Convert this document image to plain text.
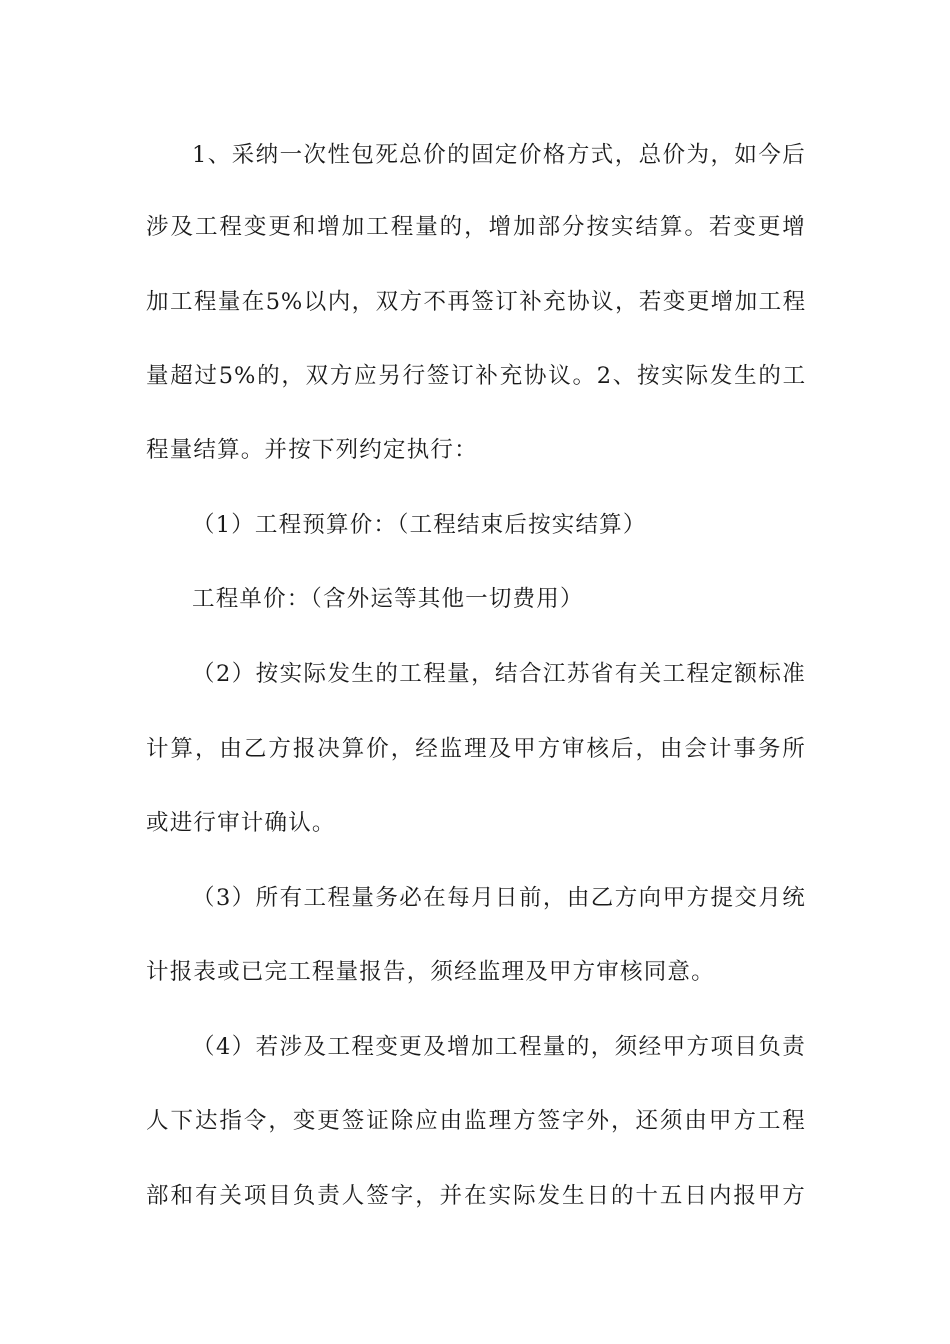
1、采纳一次性包死总价的固定价格方式，总价为，如今后
涉及工程变更和增加工程量的，增加部分按实结算。若变更增
加工程量在5%以内，双方不再签订补充协议，若变更增加工程
量超过5%的，双方应另行签订补充协议。2、按实际发生的工
程量结算。并按下列约定执行：
（1）工程预算价：（工程结束后按实结算）
工程单价：（含外运等其他一切费用）
（2）按实际发生的工程量，结合江苏省有关工程定额标准
计算，由乙方报决算价，经监理及甲方审核后，由会计事务所
或进行审计确认。
（3）所有工程量务必在每月日前，由乙方向甲方提交月统
计报表或已完工程量报告，须经监理及甲方审核同意。
（4）若涉及工程变更及增加工程量的，须经甲方项目负责
人下达指令，变更签证除应由监理方签字外，还须由甲方工程
部和有关项目负责人签字，并在实际发生日的十五日内报甲方
